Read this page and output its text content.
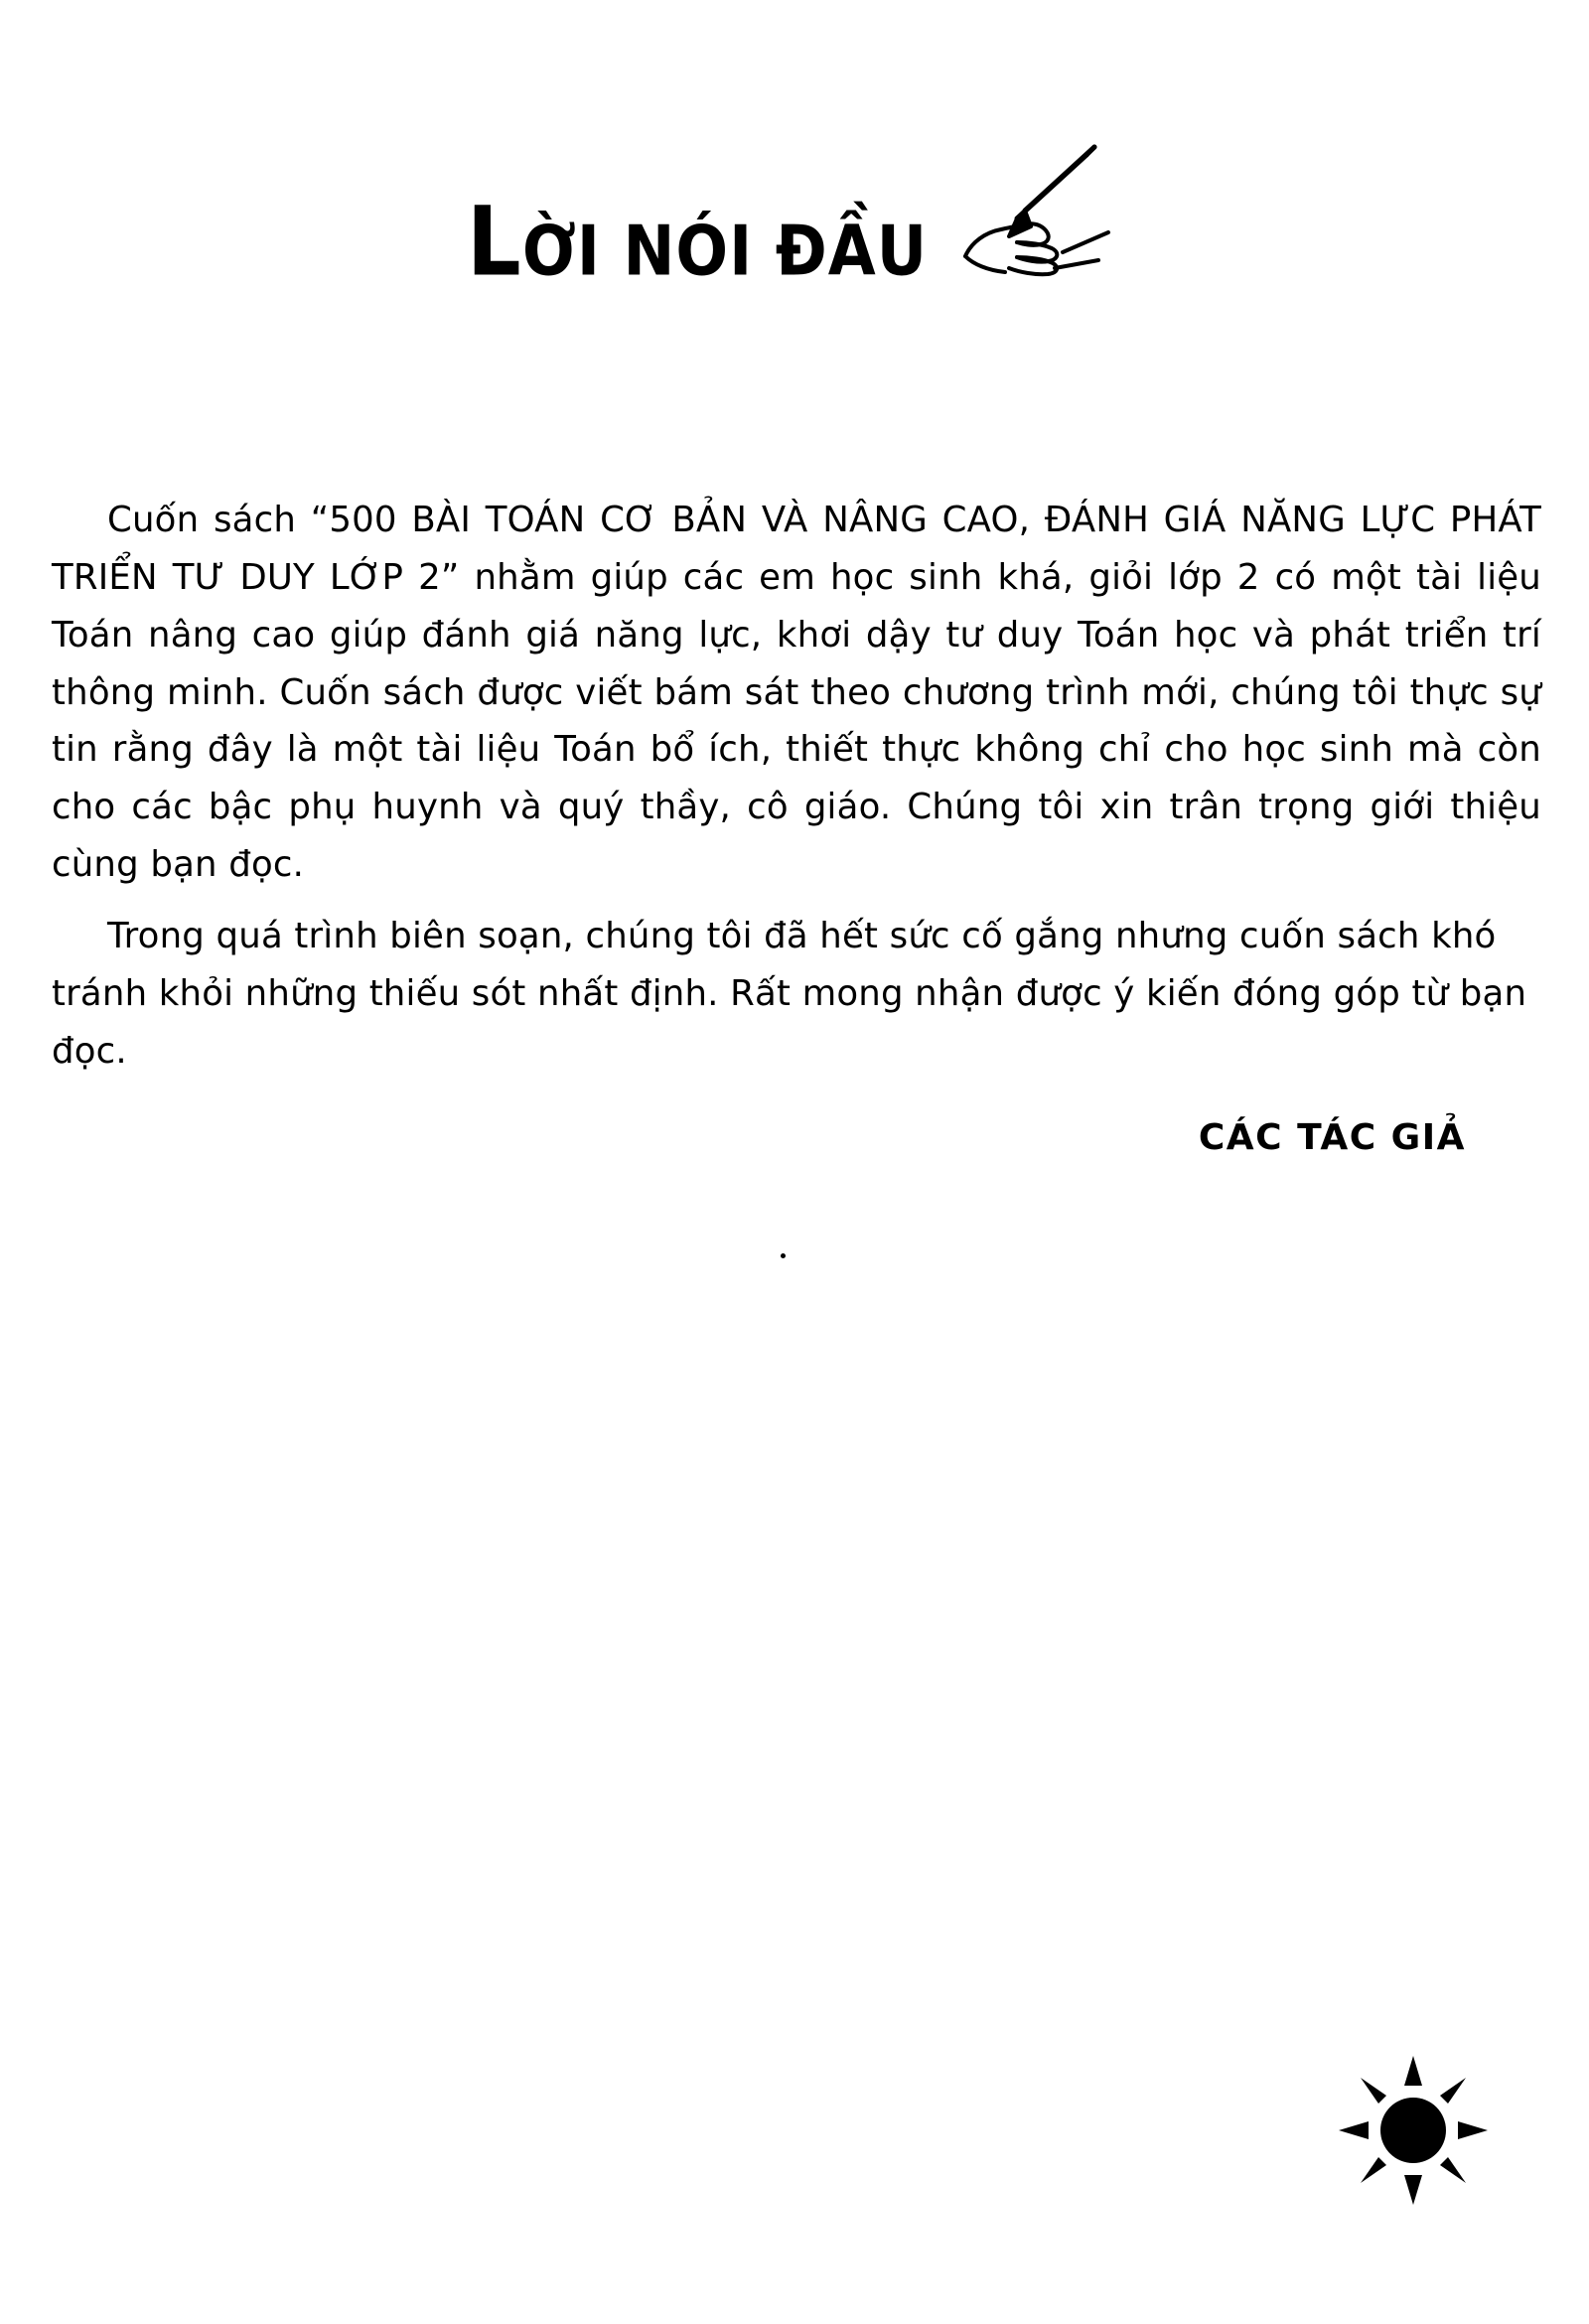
LỜI NÓI ĐẦU

Cuốn sách “500 BÀI TOÁN CƠ BẢN VÀ NÂNG CAO, ĐÁNH GIÁ NĂNG LỰC PHÁT TRIỂN TƯ DUY LỚP 2” nhằm giúp các em học sinh khá, giỏi lớp 2 có một tài liệu Toán nâng cao giúp đánh giá năng lực, khơi dậy tư duy Toán học và phát triển trí thông minh. Cuốn sách được viết bám sát theo chương trình mới, chúng tôi thực sự tin rằng đây là một tài liệu Toán bổ ích, thiết thực không chỉ cho học sinh mà còn cho các bậc phụ huynh và quý thầy, cô giáo. Chúng tôi xin trân trọng giới thiệu cùng bạn đọc.

Trong quá trình biên soạn, chúng tôi đã hết sức cố gắng nhưng cuốn sách khó tránh khỏi những thiếu sót nhất định. Rất mong nhận được ý kiến đóng góp từ bạn đọc.

CÁC TÁC GIẢ
